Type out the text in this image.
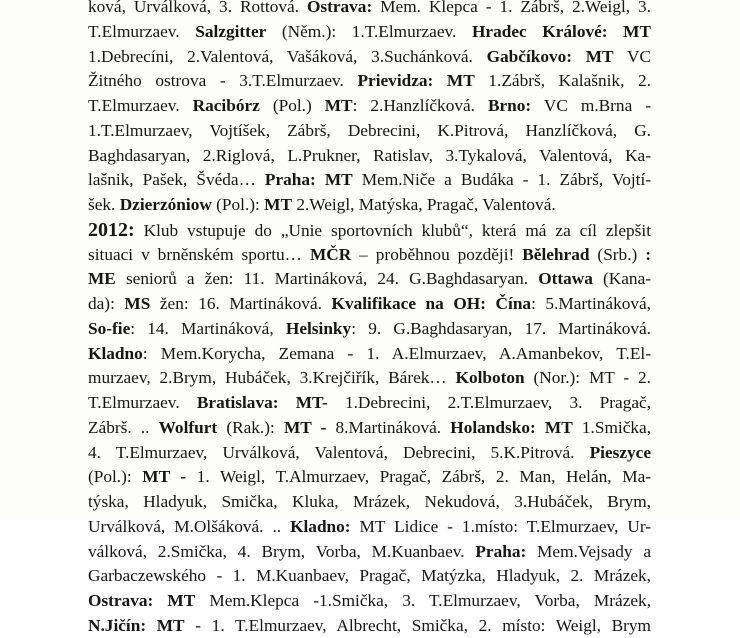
ková, Urválková, 3. Rottová. Ostrava: Mem. Klepca - 1. Zábrš, 2.Weigl, 3.
T.Elmurzaev. Salzgitter (Něm.): 1.T.Elmurzaev. Hradec Králové: MT
1.Debrecíni, 2.Valentová, Vašáková, 3.Suchánková. Gabčíkovo: MT VC
Žitného ostrova - 3.T.Elmurzaev. Prievidza: MT 1.Zábrš, Kalašnik, 2.
T.Elmurzaev. Racibórz (Pol.) MT: 2.Hanzlíčková. Brno: VC m.Brna -
1.T.Elmurzaev, Vojtíšek, Zábrš, Debrecini, K.Pitrová, Hanzlíčková, G.
Baghdasaryan, 2.Riglová, L.Prukner, Ratislav, 3.Tykalová, Valentová, Ka-
lašnik, Pašek, Švéda… Praha: MT Mem.Niče a Budáka - 1. Zábrš, Vojtí-
šek. Dzierzóniow (Pol.): MT 2.Weigl, Matýska, Pragač, Valentová.
2012: Klub vstupuje do „Unie sportovních klubů“, která má za cíl zlepšit
situaci v brněnském sportu… MČR – proběhnou později! Bělehrad (Srb.) :
ME seniorů a žen: 11. Martináková, 24. G.Baghdasaryan. Ottawa (Kana-
da): MS žen: 16. Martináková. Kvalifikace na OH: Čína: 5.Martináková,
So-fie: 14. Martináková, Helsinky: 9. G.Baghdasaryan, 17. Martináková.
Kladno: Mem.Korycha, Zemana - 1. A.Elmurzaev, A.Amanbekov, T.El-
murzaev, 2.Brym, Hubáček, 3.Krejčiřík, Bárek… Kolboton (Nor.): MT - 2.
T.Elmurzaev. Bratislava: MT- 1.Debrecini, 2.T.Elmurzaev, 3. Pragač,
Zábrš. .. Wolfurt (Rak.): MT - 8.Martináková. Holandsko: MT 1.Smička,
4. T.Elmurzaev, Urválková, Valentová, Debrecini, 5.K.Pitrová. Pieszyce
(Pol.): MT - 1. Weigl, T.Almurzaev, Pragač, Zábrš, 2. Man, Helán, Ma-
týska, Hladyuk, Smička, Kluka, Mrázek, Nekudová, 3.Hubáček, Brym,
Urválková, M.Olšáková. .. Kladno: MT Lidice - 1.místo: T.Elmurzaev, Ur-
válková, 2.Smička, 4. Brym, Vorba, M.Kuanbaev. Praha: Mem.Vejsady a
Garbaczewského - 1. M.Kuanbaev, Pragač, Matýzka, Hladyuk, 2. Mrázek,
Ostrava: MT Mem.Klepca -1.Smička, 3. T.Elmurzaev, Vorba, Mrázek,
N.Jičín: MT - 1. T.Elmurzaev, Albrecht, Smička, 2. místo: Weigl, Brym
